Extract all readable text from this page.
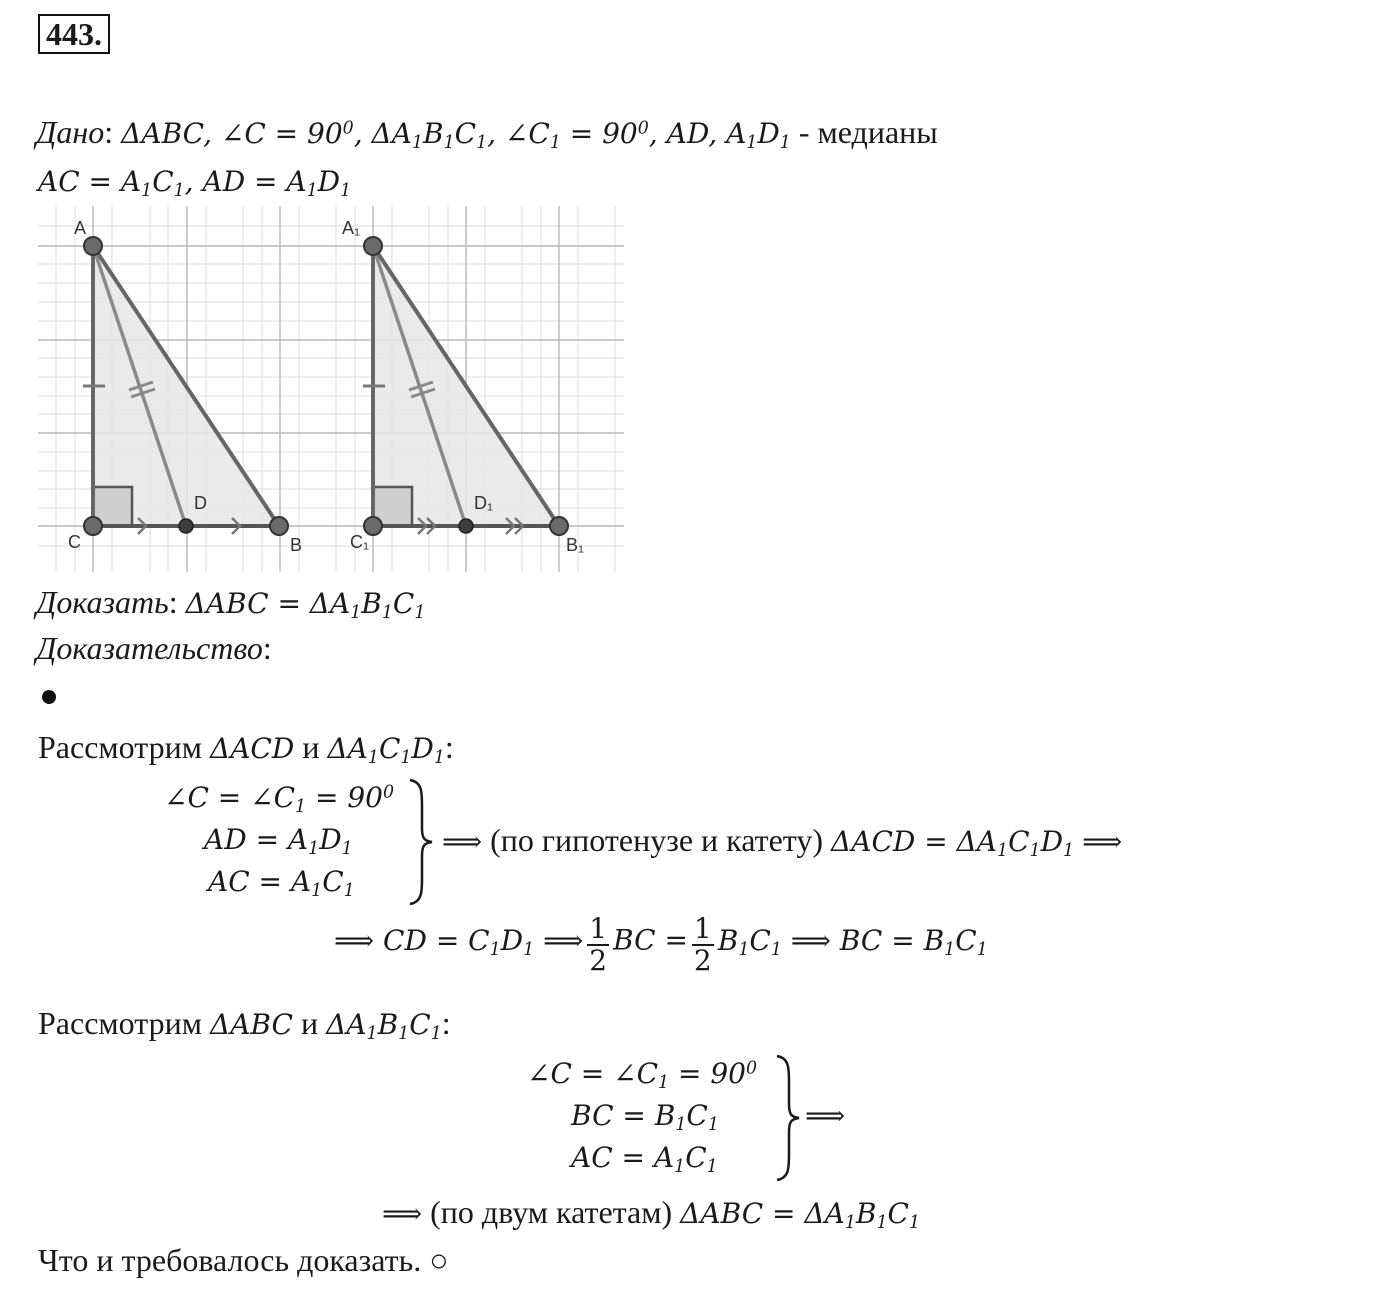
443.
Дано: ΔABC, ∠C = $90^0$, $\Delta A_1B_1C_1$, $\angle C_1 = 90^0$, AD, $A_1D_1$ - медианы
AC = $A_1C_1$, AD = $A_1D_1$
A
C	B
D
A₁
C₁	B₁
D₁
Доказать: $\Delta ABC = \Delta A_1B_1C_1$
Доказательство:
Рассмотрим ΔACD и $\Delta A_1C_1D_1$:
∠C = $\angle C_1 = 90^0$
AD = $A_1D_1$
AC = $A_1C_1$
⟹ (по гипотенузе и катету) $\Delta ACD = \Delta A_1C_1D_1$ ⟹
⟹ CD = $C_1D_1$ ⟹ $\frac{1}{2}$ BC = $\frac{1}{2} B_1C_1$ ⟹ BC = $B_1C_1$
Рассмотрим ΔABC и $\Delta A_1B_1C_1$:
∠C = $\angle C_1 = 90^0$
BC = $B_1C_1$
AC = $A_1C_1$
⟹
⟹ (по двум катетам) $\Delta ABC = \Delta A_1B_1C_1$
Что и требовалось доказать. ○
